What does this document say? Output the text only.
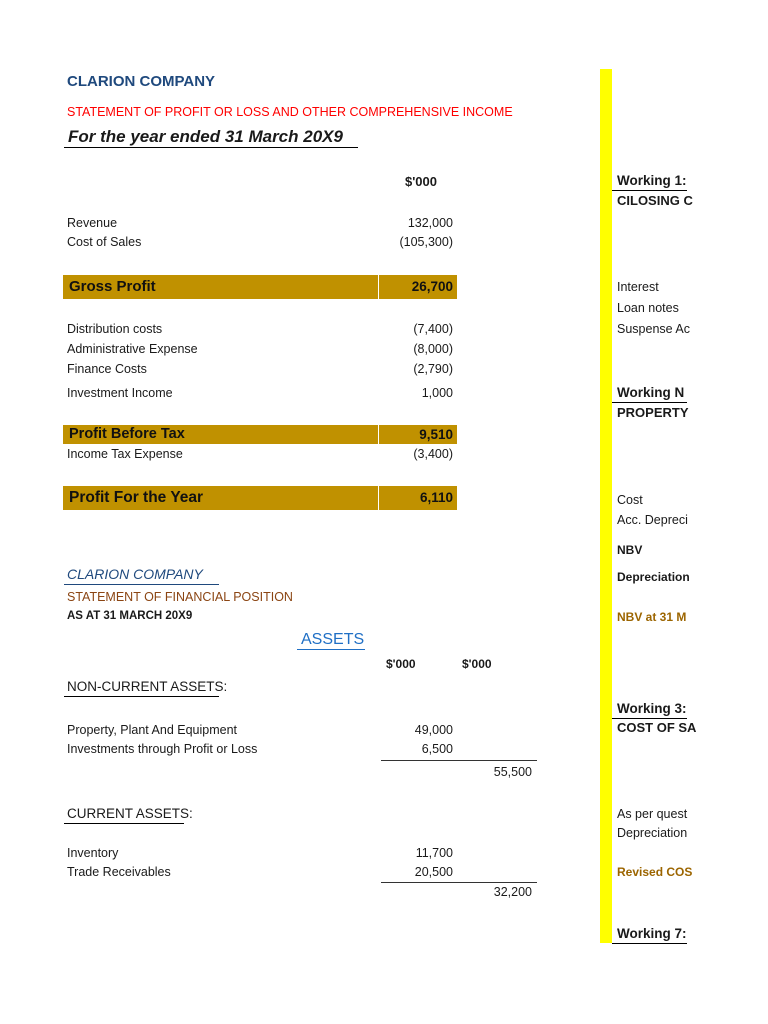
CLARION COMPANY
STATEMENT OF PROFIT OR LOSS AND OTHER COMPREHENSIVE INCOME
For the year ended 31 March 20X9
$'000
Revenue	132,000
Cost of Sales	(105,300)
Gross Profit	26,700
Distribution costs	(7,400)
Administrative Expense	(8,000)
Finance Costs	(2,790)
Investment Income	1,000
Profit Before Tax	9,510
Income Tax Expense	(3,400)
Profit For the Year	6,110
CLARION COMPANY
STATEMENT OF FINANCIAL POSITION
AS AT 31 MARCH 20X9
ASSETS
$'000	$'000
NON-CURRENT ASSETS:
Property, Plant And Equipment	49,000
Investments through Profit or Loss	6,500
55,500
CURRENT ASSETS:
Inventory	11,700
Trade Receivables	20,500
32,200
Working 1:
CILOSING C
Interest
Loan notes
Suspense Ac
Working N
PROPERTY
Cost
Acc. Depreci
NBV
Depreciation
NBV at 31 M
Working 3:
COST OF SA
As per quest
Depreciation
Revised COS
Working 7:
